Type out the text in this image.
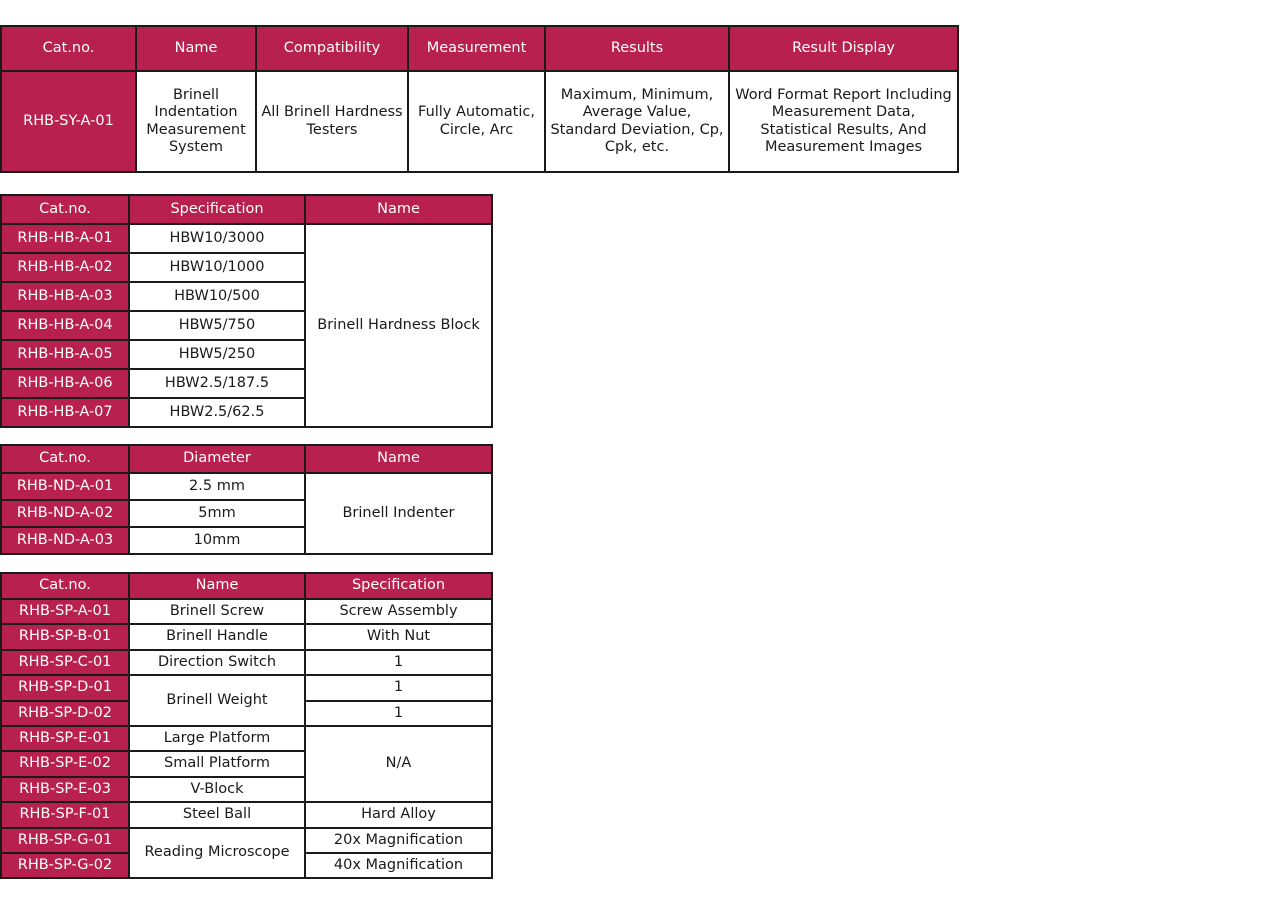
Cat.no.	Name	Compatibility	Measurement	Results	Result Display
RHB-SY-A-01	Brinell Indentation Measurement System	All Brinell Hardness Testers	Fully Automatic, Circle, Arc	Maximum, Minimum, Average Value, Standard Deviation, Cp, Cpk, etc.	Word Format Report Including Measurement Data, Statistical Results, And Measurement Images
Cat.no.	Specification	Name
RHB-HB-A-01	HBW10/3000	Brinell Hardness Block
RHB-HB-A-02	HBW10/1000	
RHB-HB-A-03	HBW10/500	
RHB-HB-A-04	HBW5/750	
RHB-HB-A-05	HBW5/250	
RHB-HB-A-06	HBW2.5/187.5	
RHB-HB-A-07	HBW2.5/62.5	
Cat.no.	Diameter	Name
RHB-ND-A-01	2.5 mm	Brinell Indenter
RHB-ND-A-02	5mm	
RHB-ND-A-03	10mm	
Cat.no.	Name	Specification
RHB-SP-A-01	Brinell Screw	Screw Assembly
RHB-SP-B-01	Brinell Handle	With Nut
RHB-SP-C-01	Direction Switch	1
RHB-SP-D-01	Brinell Weight	1
RHB-SP-D-02		1
RHB-SP-E-01	Large Platform	N/A
RHB-SP-E-02	Small Platform	
RHB-SP-E-03	V-Block	
RHB-SP-F-01	Steel Ball	Hard Alloy
RHB-SP-G-01	Reading Microscope	20x Magnification
RHB-SP-G-02		40x Magnification
